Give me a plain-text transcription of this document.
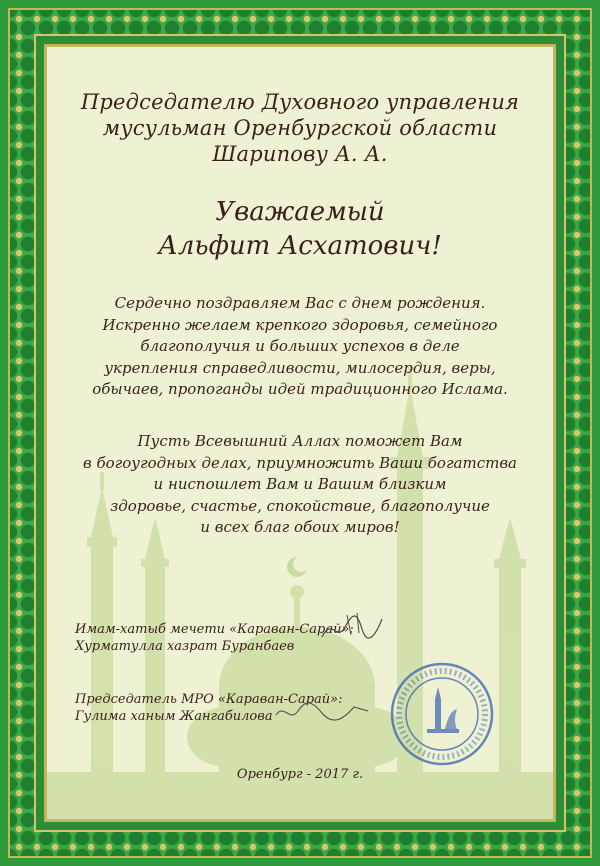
Председателю Духовного управления
мусульман Оренбургской области
Шарипову А. А.
Уважаемый
Альфит Асхатович!
Сердечно поздравляем Вас с днем рождения.
Искренно желаем крепкого здоровья, семейного
благополучия и больших успехов в деле
укрепления справедливости, милосердия, веры,
обычаев, пропоганды идей традиционного Ислама.
Пусть Всевышний Аллах поможет Вам
в богоугодных делах, приумножить Ваши богатства
и ниспошлет Вам и Вашим близким
здоровье, счастье, спокойствие, благополучие
и всех благ обоих миров!
Имам-хатыб мечети «Караван-Сарай»:
Хурматулла хазрат Буранбаев
Председатель МРО «Караван-Сарай»:
Гулима ханым Жангабилова
Оренбург - 2017 г.
